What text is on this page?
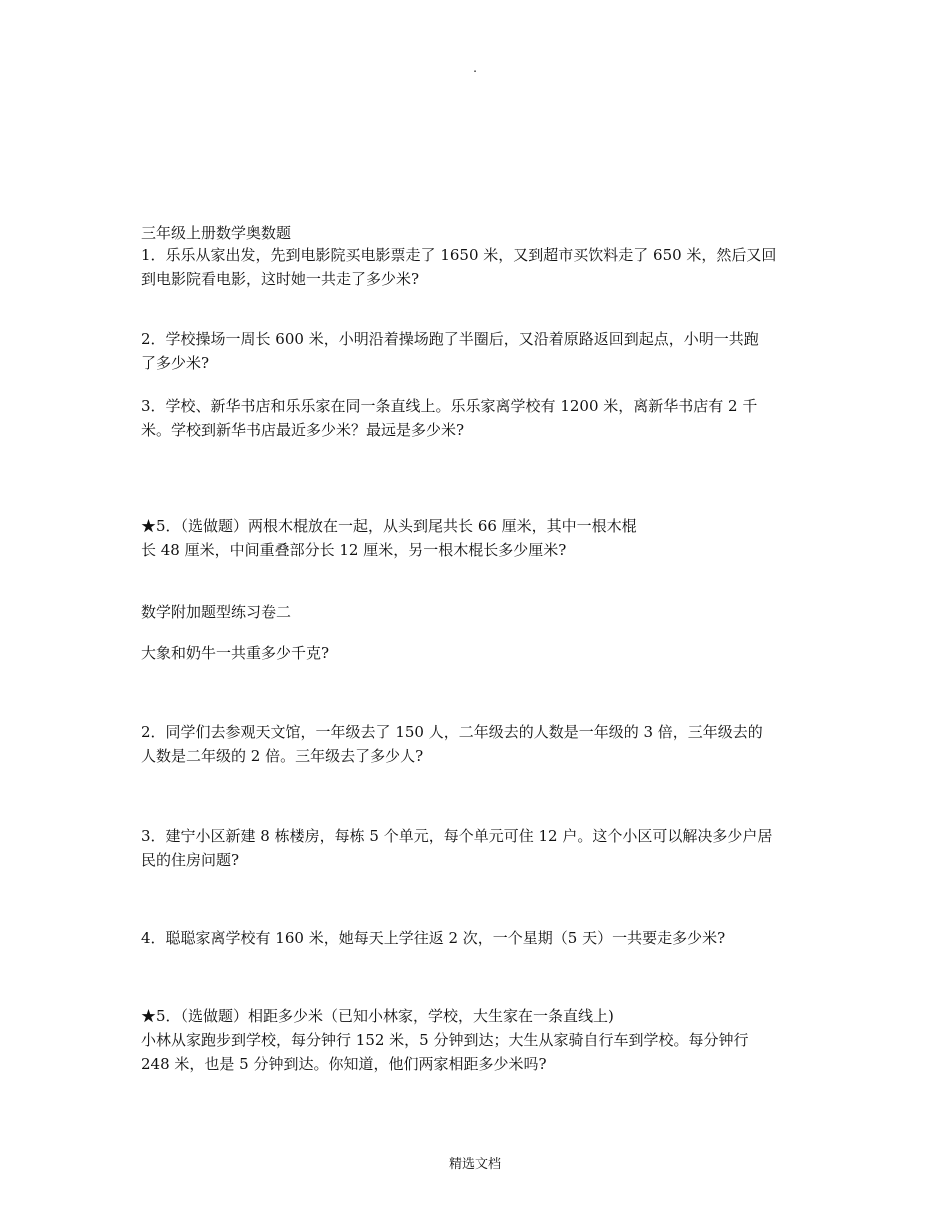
.
三年级上册数学奥数题
1．乐乐从家出发，先到电影院买电影票走了 1650 米，又到超市买饮料走了 650 米，然后又回
到电影院看电影，这时她一共走了多少米?
2．学校操场一周长 600 米，小明沿着操场跑了半圈后，又沿着原路返回到起点，小明一共跑
了多少米?
3．学校、新华书店和乐乐家在同一条直线上。乐乐家离学校有 1200 米，离新华书店有 2 千
米。学校到新华书店最近多少米？最远是多少米?
★5．（选做题）两根木棍放在一起，从头到尾共长 66 厘米，其中一根木棍
长 48 厘米，中间重叠部分长 12 厘米，另一根木棍长多少厘米?
数学附加题型练习卷二
大象和奶牛一共重多少千克?
2．同学们去参观天文馆，一年级去了 150 人，二年级去的人数是一年级的 3 倍，三年级去的
人数是二年级的 2 倍。三年级去了多少人?
3．建宁小区新建 8 栋楼房，每栋 5 个单元，每个单元可住 12 户。这个小区可以解决多少户居
民的住房问题?
4．聪聪家离学校有 160 米，她每天上学往返 2 次，一个星期（5 天）一共要走多少米?
★5．（选做题）相距多少米（已知小林家，学校，大生家在一条直线上)
小林从家跑步到学校，每分钟行 152 米，5 分钟到达；大生从家骑自行车到学校。每分钟行
248 米，也是 5 分钟到达。你知道，他们两家相距多少米吗?
精选文档
